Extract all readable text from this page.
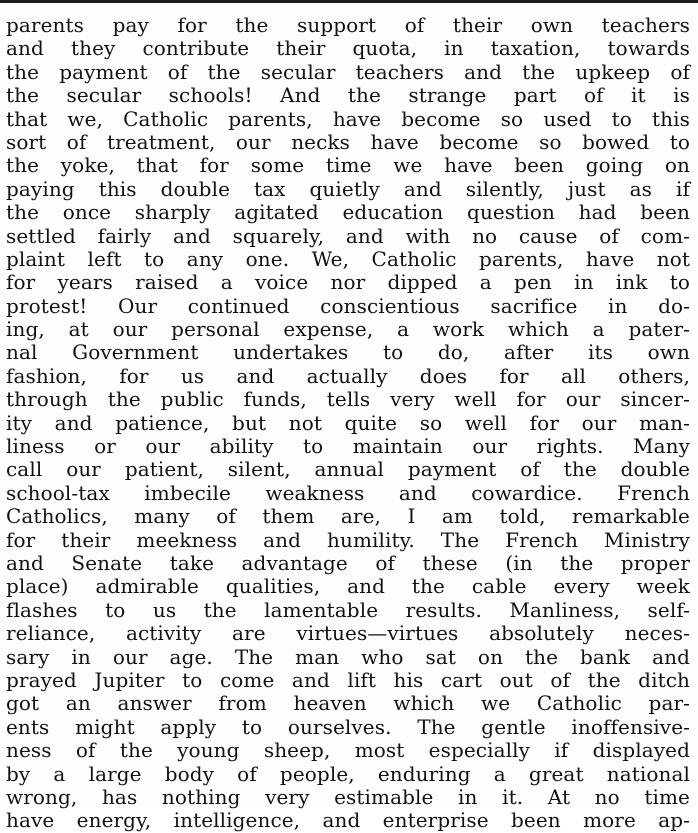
parents pay for the support of their own teachers
and they contribute their quota, in taxation, towards
the payment of the secular teachers and the upkeep of
the secular schools! And the strange part of it is
that we, Catholic parents, have become so used to this
sort of treatment, our necks have become so bowed to
the yoke, that for some time we have been going on
paying this double tax quietly and silently, just as if
the once sharply agitated education question had been
settled fairly and squarely, and with no cause of com-
plaint left to any one. We, Catholic parents, have not
for years raised a voice nor dipped a pen in ink to
protest! Our continued conscientious sacrifice in do-
ing, at our personal expense, a work which a pater-
nal Government undertakes to do, after its own
fashion, for us and actually does for all others,
through the public funds, tells very well for our sincer-
ity and patience, but not quite so well for our man-
liness or our ability to maintain our rights. Many
call our patient, silent, annual payment of the double
school-tax imbecile weakness and cowardice. French
Catholics, many of them are, I am told, remarkable
for their meekness and humility. The French Ministry
and Senate take advantage of these (in the proper
place) admirable qualities, and the cable every week
flashes to us the lamentable results. Manliness, self-
reliance, activity are virtues—virtues absolutely neces-
sary in our age. The man who sat on the bank and
prayed Jupiter to come and lift his cart out of the ditch
got an answer from heaven which we Catholic par-
ents might apply to ourselves. The gentle inoffensive-
ness of the young sheep, most especially if displayed
by a large body of people, enduring a great national
wrong, has nothing very estimable in it. At no time
have energy, intelligence, and enterprise been more ap-
